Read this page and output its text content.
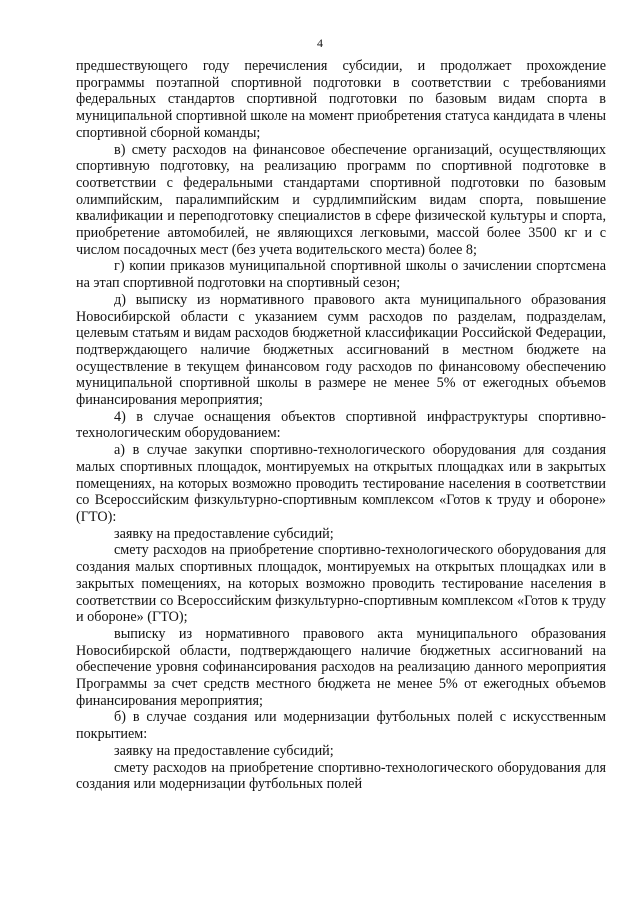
4

предшествующего году перечисления субсидии, и продолжает прохождение программы поэтапной спортивной подготовки в соответствии с требованиями федеральных стандартов спортивной подготовки по базовым видам спорта в муниципальной спортивной школе на момент приобретения статуса кандидата в члены спортивной сборной команды;

в) смету расходов на финансовое обеспечение организаций, осуществляющих спортивную подготовку, на реализацию программ по спортивной подготовке в соответствии с федеральными стандартами спортивной подготовки по базовым олимпийским, паралимпийским и сурдлимпийским видам спорта, повышение квалификации и переподготовку специалистов в сфере физической культуры и спорта, приобретение автомобилей, не являющихся легковыми, массой более 3500 кг и с числом посадочных мест (без учета водительского места) более 8;

г) копии приказов муниципальной спортивной школы о зачислении спортсмена на этап спортивной подготовки на спортивный сезон;

д) выписку из нормативного правового акта муниципального образования Новосибирской области с указанием сумм расходов по разделам, подразделам, целевым статьям и видам расходов бюджетной классификации Российской Федерации, подтверждающего наличие бюджетных ассигнований в местном бюджете на осуществление в текущем финансовом году расходов по финансовому обеспечению муниципальной спортивной школы в размере не менее 5% от ежегодных объемов финансирования мероприятия;

4) в случае оснащения объектов спортивной инфраструктуры спортивно-технологическим оборудованием:

а) в случае закупки спортивно-технологического оборудования для создания малых спортивных площадок, монтируемых на открытых площадках или в закрытых помещениях, на которых возможно проводить тестирование населения в соответствии со Всероссийским физкультурно-спортивным комплексом «Готов к труду и обороне» (ГТО):

заявку на предоставление субсидий;

смету расходов на приобретение спортивно-технологического оборудования для создания малых спортивных площадок, монтируемых на открытых площадках или в закрытых помещениях, на которых возможно проводить тестирование населения в соответствии со Всероссийским физкультурно-спортивным комплексом «Готов к труду и обороне» (ГТО);

выписку из нормативного правового акта муниципального образования Новосибирской области, подтверждающего наличие бюджетных ассигнований на обеспечение уровня софинансирования расходов на реализацию данного мероприятия Программы за счет средств местного бюджета не менее 5% от ежегодных объемов финансирования мероприятия;

б) в случае создания или модернизации футбольных полей с искусственным покрытием:

заявку на предоставление субсидий;

смету расходов на приобретение спортивно-технологического оборудования для создания или модернизации футбольных полей
